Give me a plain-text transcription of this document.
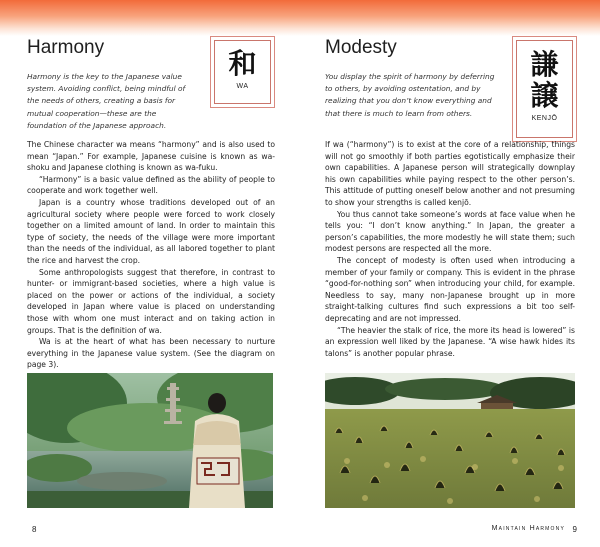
Harmony

Harmony is the key to the Japanese value system. Avoiding conflict, being mindful of the needs of others, creating a basis for mutual cooperation—these are the foundation of the Japanese approach.

和
WA

The Chinese character wa means “harmony” and is also used to mean “Japan.” For example, Japanese cuisine is known as wa-shoku and Japanese clothing is known as wa-fuku.

“Harmony” is a basic value defined as the ability of people to cooperate and work together well.

Japan is a country whose traditions developed out of an agricultural society where people were forced to work closely together on a limited amount of land. In order to maintain this type of society, the needs of the village were more important than the needs of the individual, as all labored together to plant the rice and harvest the crop.

Some anthropologists suggest that therefore, in contrast to hunter- or immigrant-based societies, where a high value is placed on the power or actions of the individual, a society developed in Japan where value is placed on understanding those with whom one must interact and on taking action in groups. That is the definition of wa.

Wa is at the heart of what has been necessary to nurture everything in the Japanese value system. (See the diagram on page 3).

8
Modesty

You display the spirit of harmony by deferring to others, by avoiding ostentation, and by realizing that you don’t know everything and that there is much to learn from others.

謙
譲
KENJŌ

If wa (“harmony”) is to exist at the core of a relationship, things will not go smoothly if both parties egotistically emphasize their own capabilities. A Japanese person will strategically downplay his own capabilities while paying respect to the other person’s. This attitude of putting oneself below another and not presuming to show your strengths is called kenjō.

You thus cannot take someone’s words at face value when he tells you: “I don’t know anything.” In Japan, the greater a person’s capabilities, the more modestly he will state them; such modest persons are respected all the more.

The concept of modesty is often used when introducing a member of your family or company. This is evident in the phrase “good-for-nothing son” when introducing your child, for example. Needless to say, many non-Japanese brought up in more straight-talking cultures find such expressions a bit too self-deprecating and are not impressed.

“The heavier the stalk of rice, the more its head is lowered” is an expression well liked by the Japanese. “A wise hawk hides its talons” is another popular phrase.

Maintain Harmony 9
